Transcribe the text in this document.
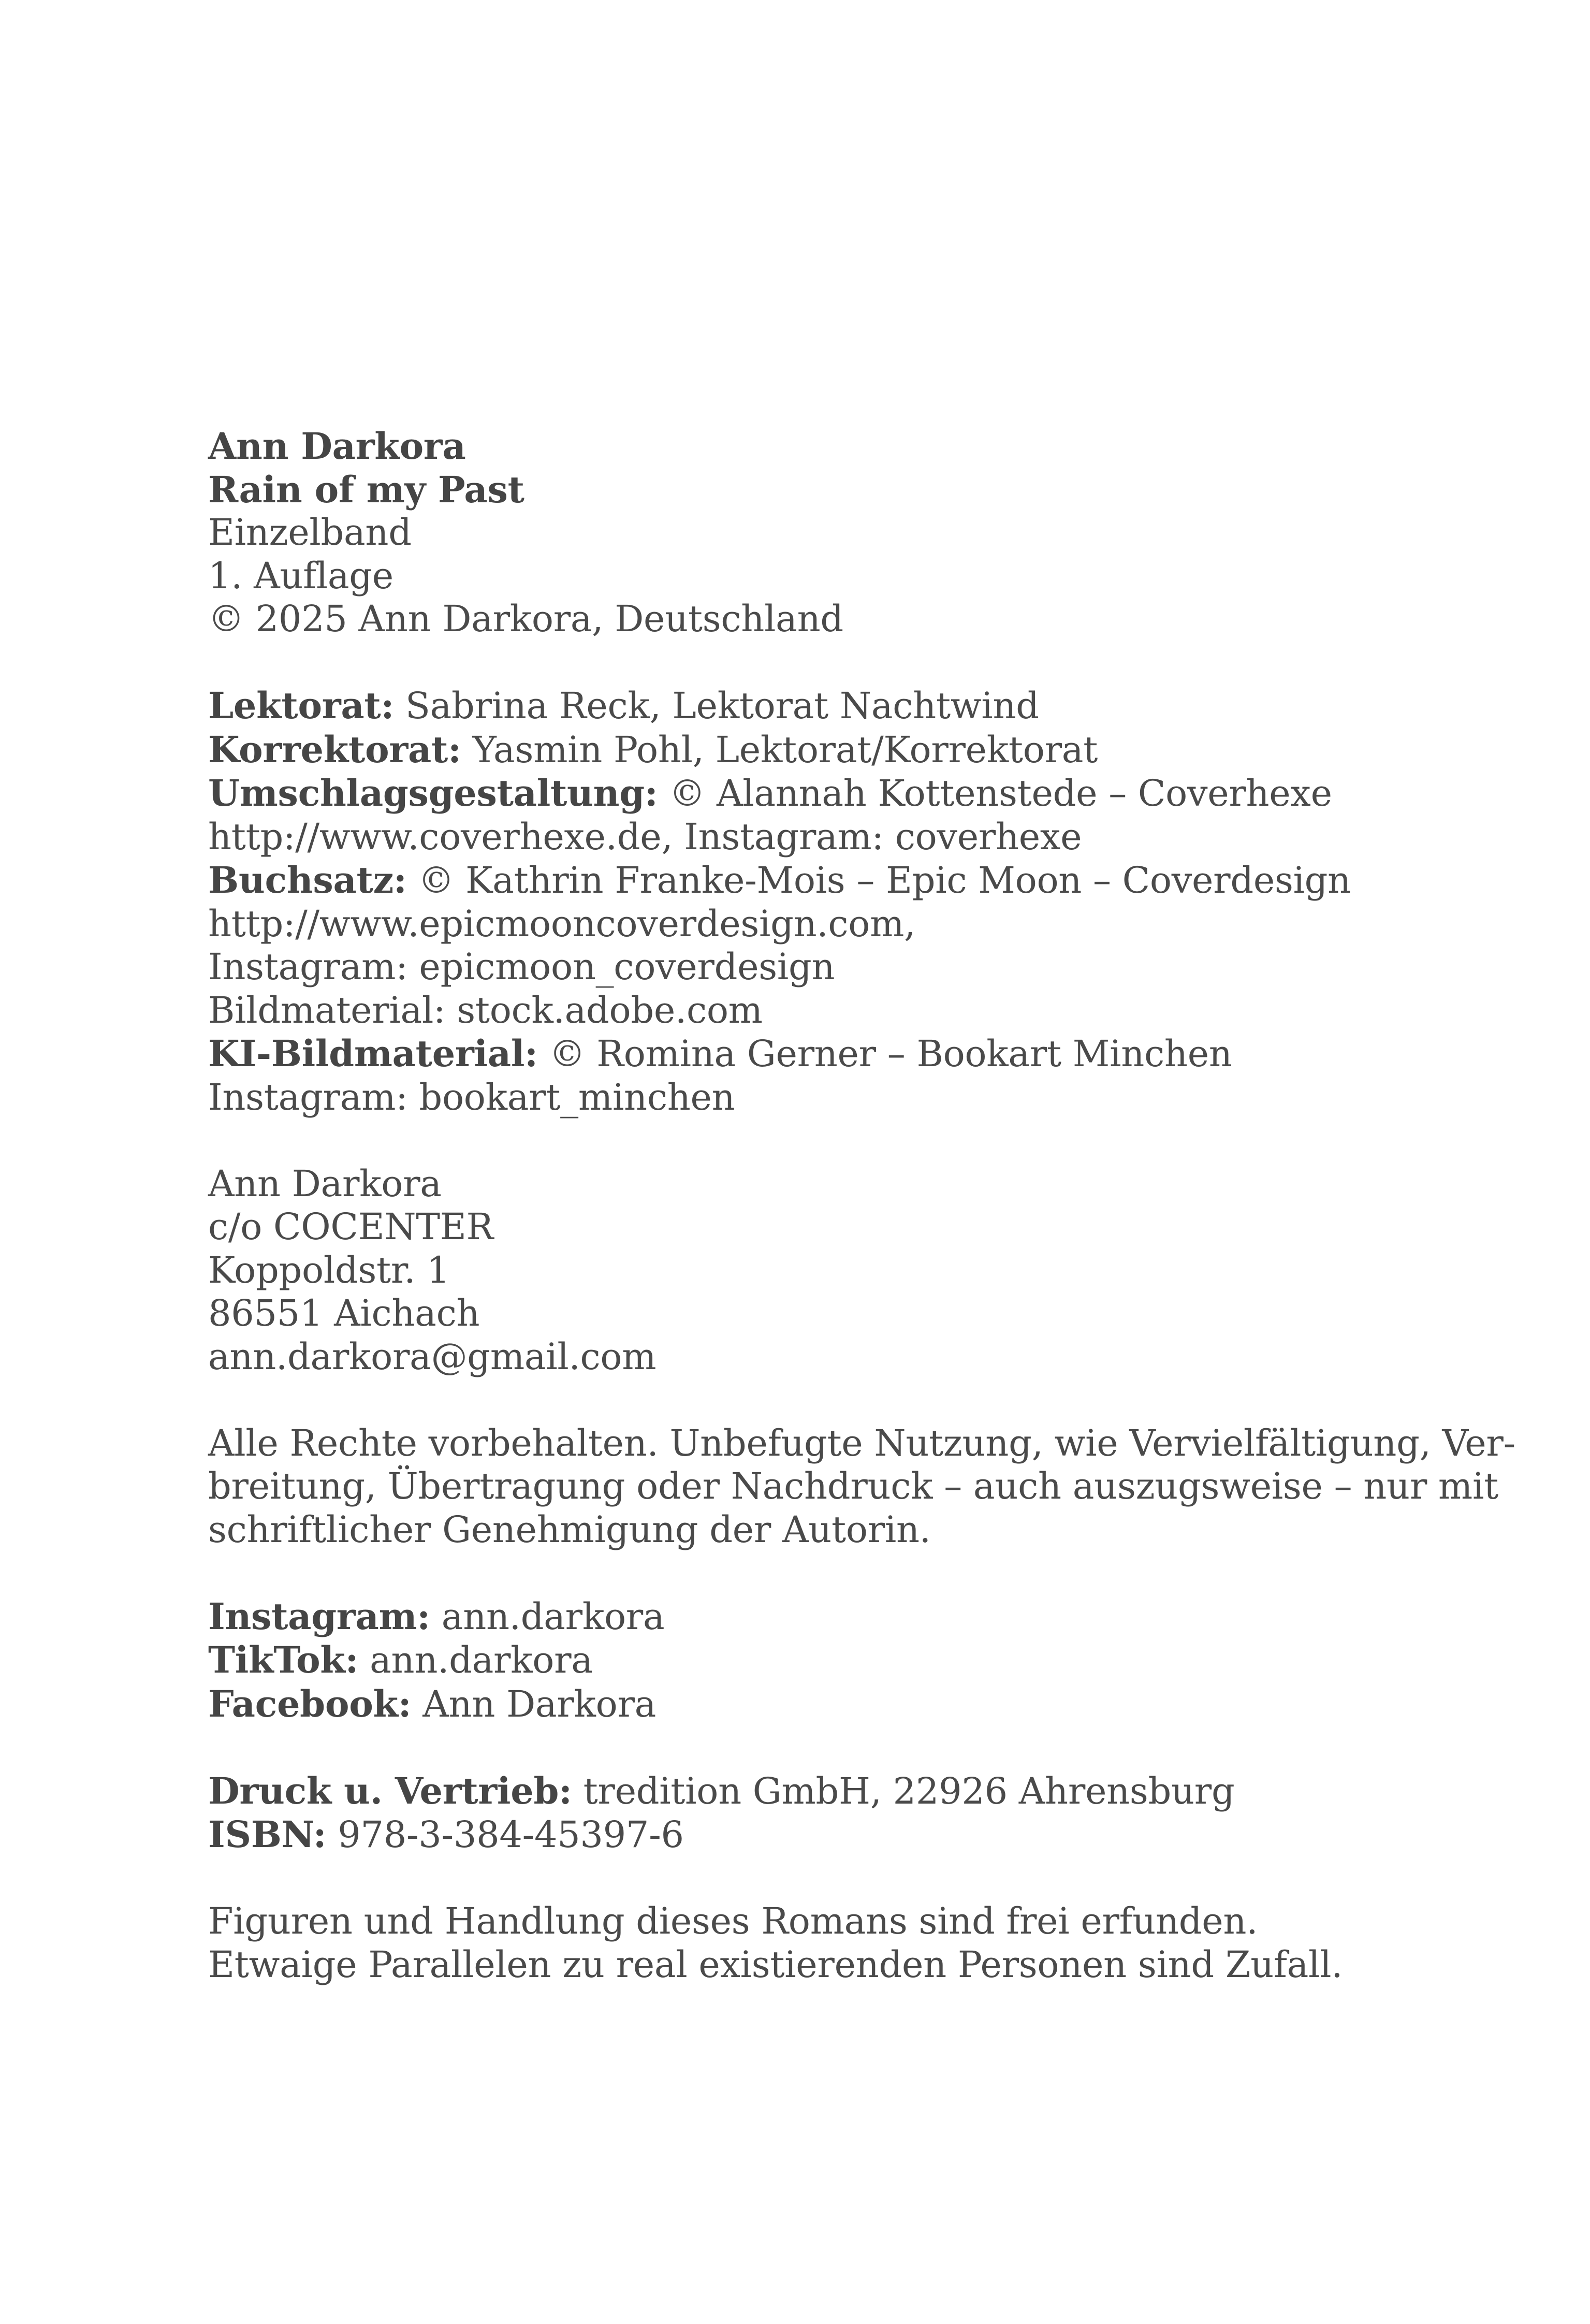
Ann Darkora
Rain of my Past
Einzelband
1. Auflage
© 2025 Ann Darkora, Deutschland
Lektorat: Sabrina Reck, Lektorat Nachtwind
Korrektorat: Yasmin Pohl, Lektorat/Korrektorat
Umschlagsgestaltung: © Alannah Kottenstede – Coverhexe
http://www.coverhexe.de, Instagram: coverhexe
Buchsatz: © Kathrin Franke-Mois – Epic Moon – Coverdesign
http://www.epicmooncoverdesign.com,
Instagram: epicmoon_coverdesign
Bildmaterial: stock.adobe.com
KI-Bildmaterial: © Romina Gerner – Bookart Minchen
Instagram: bookart_minchen
Ann Darkora
c/o COCENTER
Koppoldstr. 1
86551 Aichach
ann.darkora@gmail.com
Alle Rechte vorbehalten. Unbefugte Nutzung, wie Vervielfältigung, Ver-
breitung, Übertragung oder Nachdruck – auch auszugsweise – nur mit
schriftlicher Genehmigung der Autorin.
Instagram: ann.darkora
TikTok: ann.darkora
Facebook: Ann Darkora
Druck u. Vertrieb: tredition GmbH, 22926 Ahrensburg
ISBN: 978-3-384-45397-6
Figuren und Handlung dieses Romans sind frei erfunden.
Etwaige Parallelen zu real existierenden Personen sind Zufall.
